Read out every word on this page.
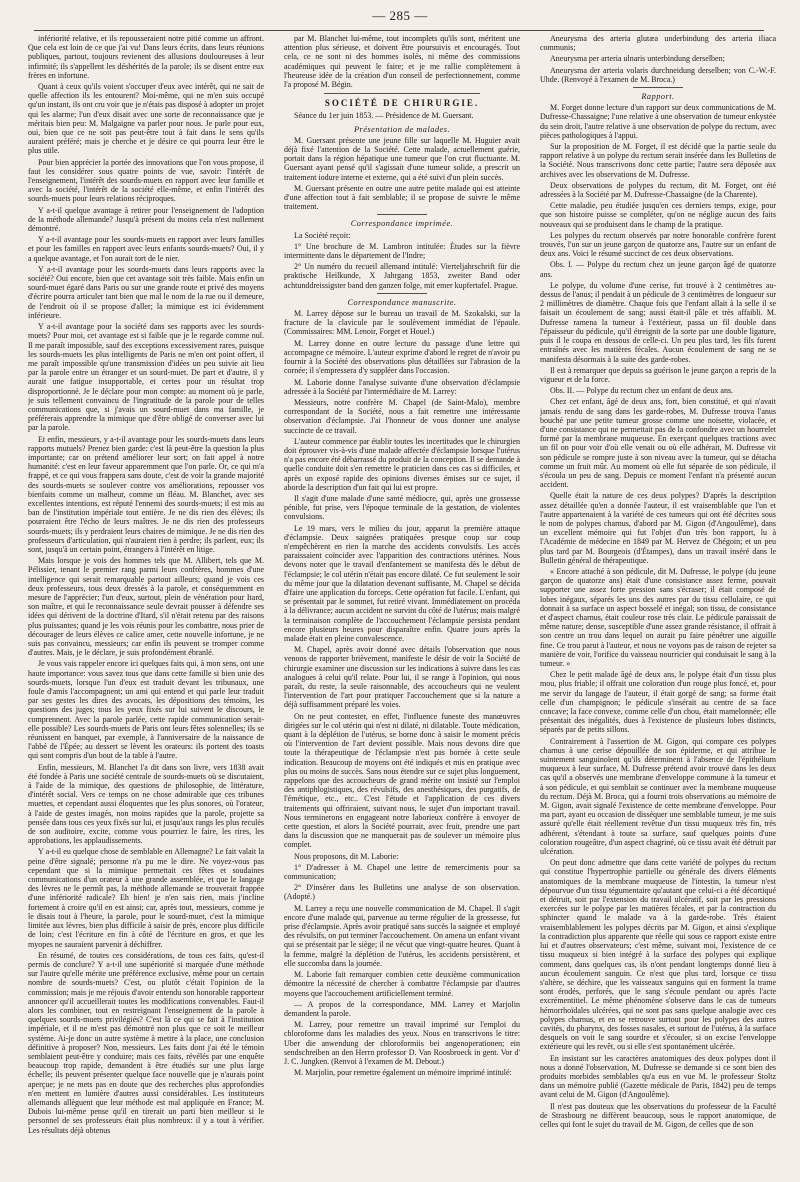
— 285 —

infériorité relative, et ils repousseraient notre pitié comme un affront. Que cela est loin de ce que j'ai vu! Dans leurs écrits, dans leurs réunions publiques, partout, toujours revienent des allusions douloureuses à leur infirmité; ils s'appellent les déshérités de la parole; ils se disent entre eux frères en infortune.

Quant à ceux qu'ils voient s'occuper d'eux avec intérêt, qui ne sait de quelle affection ils les entourent? Moi-même, qui ne m'en suis occupé qu'un instant, ils ont cru voir que je n'étais pas disposé à adopter un projet qui les alarme; l'un d'eux disait avec une sorte de reconnaissance que je méritais bien peu: M. Malgaigne va parler pour nous. Je parle pour eux, oui, bien que ce ne soit pas peut-être tout à fait dans le sens qu'ils auraient préféré; mais je cherche et je désire ce qui pourra leur être le plus utile.

Pour bien apprécier la portée des innovations que l'on vous propose, il faut les considérer sous quatre points de vue, savoir: l'intérêt de l'enseignement, l'intérêt des sourds-muets en rapport avec leur famille et avec la société, l'intérêt de la société elle-même, et enfin l'intérêt des sourds-muets pour leurs relations réciproques.

Y a-t-il quelque avantage à retirer pour l'enseignement de l'adoption de la méthode allemande? Jusqu'à présent du moins cela n'est nullement démontré.

Y a-t-il avantage pour les sourds-muets en rapport avec leurs familles et pour les familles en rapport avec leurs enfants sourds-muets? Oui, il y a quelque avantage, et l'on aurait tort de le nier.

Y a-t-il avantage pour les sourds-muets dans leurs rapports avec la société? Oui encore, bien que cet avantage soit très faible. Mais enfin un sourd-muet égaré dans Paris ou sur une grande route et privé des moyens d'écrire pourra articuler tant bien que mal le nom de la rue ou il demeure, de l'endroit où il se propose d'aller; la mimique est ici évidemment inférieure.

Y a-t-il avantage pour la société dans ses rapports avec les sourds-muets? Pour moi, cet avantage est si faible que je le regarde comme nul. Il me paraît impossible, sauf des exceptions excessivement rares, puisque les sourds-muets les plus intelligents de Paris ne m'en ont point offert, il me paraît impossible qu'une transmission d'idées un peu suivie ait lieu par la parole entre un étranger et un sourd-muet. De part et d'autre, il y aurait une fatigue insupportable, et certes pour un résultat trop disproportionné. Je le déclare pour mon compte: au moment où je parle, je suis tellement convaincu de l'ingratitude de la parole pour de telles communications que, si j'avais un sourd-muet dans ma famille, je préférerais apprendre la mimique que d'être obligé de converser avec lui par la parole.

Et enfin, messieurs, y a-t-il avantage pour les sourds-muets dans leurs rapports mutuels? Prenez bien garde: c'est là peut-être la question la plus importante; car on prétend améliorer leur sort; on fait appel à notre humanité: c'est en leur faveur apparemment que l'on parle. Or, ce qui m'a frappé, et ce qui vous frappera sans doute, c'est de voir la grande majorité des sourds-muets se soulever contre vos améliorations, repousser vos bienfaits comme un malheur, comme un fléau. M. Blanchet, avec ses excellentes intentions, est réputé l'ennemi des sourds-muets; il est mis au ban de l'institution impériale tout entière. Je ne dis rien des élèves; ils pourraient être l'écho de leurs maîtres. Je ne dis rien des professeurs sourds-muets; ils y perdraient leurs chaires de mimique. Je ne dis rien des professeurs d'articulation, qui n'auraient rien à perdre; ils parlent, eux; ils sont, jusqu'à un certain point, étrangers à l'intérêt en litige.

Mais lorsque je vois des hommes tels que M. Allibert, tels que M. Pélissier, tenant le premier rang parmi leurs confrères, hommes d'une intelligence qui serait remarquable partout ailleurs; quand je vois ces deux professeurs, tous deux dressés à la parole, et conséquemment en mesure de l'apprécier; l'un d'eux, surtout, plein de vénération pour Itard, son maître, et qui le reconnaissance seule devrait pousser à défendre ses idées qui dérivent de la doctrine d'Itard, s'il n'était retenu par des raisons plus puissantes; quand je les vois réunis pour les combattre, nous prier de décourager de leurs élèves ce calice amer, cette nouvelle infortune, je ne suis pas convaincu, messieurs; car enfin ils peuvent se tromper comme d'autres. Mais, je le déclare, je suis profondément ébranlé.

Je vous vais rappeler encore ici quelques faits qui, à mon sens, ont une haute importance: vous savez tous que dans cette famille si bien unie des sourds-muets, lorsque l'un d'eux est traduit devant les tribunaux, une foule d'amis l'accompagnent; un ami qui entend et qui parle leur traduit par ses gestes les dires des avocats, les dépositions des témoins, les questions des juges; tous les yeux fixés sur lui suivent le discours, le comprennent. Avec la parole parlée, cette rapide communication serait-elle possible? Les sourds-muets de Paris ont leurs fêtes solennelles; ils se réunissent en banquet, par exemple, à l'anniversaire de la naissance de l'abbé de l'Épée; au dessert se lèvent les orateurs: ils portent des toasts qui sont compris d'un bout de la table à l'autre.

Enfin, messieurs, M. Blanchet l'a dit dans son livre, vers 1838 avait été fondée à Paris une société centrale de sourds-muets où se discutaient, à l'aide de la mimique, des questions de philosophie, de littérature, d'intérêt social. Vers ce temps on ne chose admirable que ces tribunes muettes, et cependant aussi éloquentes que les plus sonores, où l'orateur, à l'aide de gestes imagés, non moins rapides que la parole, projette sa pensée dans tous ces yeux fixés sur lui, et jusqu'aux rangs les plus reculés de son auditoire, excite, comme vous pourriez le faire, les rires, les approbations, les applaudissements.

Y a-t-il eu quelque chose de semblable en Allemagne? Le fait valait la peine d'être signalé; personne n'a pu me le dire. Ne voyez-vous pas cependant que si la mimique permettait ces fêtes et soudaines communications d'un orateur à une grande assemblée, et que le langage des lèvres ne le permît pas, la méthode allemande se trouverait frappée d'une infériorité radicale? Eh bien! je n'en sais rien, mais j'incline fortement à croire qu'il en est ainsi; car, après tout, messieurs, comme je le disais tout à l'heure, la parole, pour le sourd-muet, c'est la mimique limitée aux lèvres, bien plus difficile à saisir de près, encore plus difficile de loin; c'est l'écriture en fin à côté de l'écriture en gros, et que les myopes ne sauraient parvenir à déchiffrer.

En résumé, de toutes ces considérations, de tous ces faits, qu'est-il permis de conclure? Y a-t-il une supériorité si marquée d'une méthode sur l'autre qu'elle mérite une préférence exclusive, même pour un certain nombre de sourds-muets? C'est, ou plutôt c'était l'opinion de la commission; mais je me réjouis d'avoir entendu son honorable rapporteur annoncer qu'il accueillerait toutes les modifications convenables. Faut-il alors les combiner, tout en restreignant l'enseignement de la parole à quelques sourds-muets privilégiés? C'est là ce qui se fait à l'institution impériale, et il ne m'est pas démontré non plus que ce soit le meilleur système. Ai-je donc un autre système à mettre à la place, une conclusion définitive à proposer? Non, messieurs. Les faits dont j'ai été le témoin semblaient peut-être y conduire; mais ces faits, révélés par une enquête beaucoup trop rapide, demandent à être étudiés sur une plus large échelle; ils peuvent présenter quelque face nouvelle que je n'aurais point aperçue; je ne mets pas en doute que des recherches plus approfondies n'en mettent en lumière d'autres aussi considérables. Les instituteurs allemands allèguent que leur méthode est mal appliquée en France; M. Dubois lui-même pense qu'il en tirerait un parti bien meilleur si le personnel de ses professeurs était plus nombreux: il y a tout à vérifier. Les résultats déjà obtenus

par M. Blanchet lui-même, tout incomplets qu'ils sont, méritent une attention plus sérieuse, et doivent être poursuivis et encouragés. Tout cela, ce ne sont ni des hommes isolés, ni même des commissions académiques qui peuvent le faire; et je me rallie complètement à l'heureuse idée de la création d'un conseil de perfectionnement, comme l'a proposé M. Bégin.

SOCIÉTÉ DE CHIRURGIE.

Séance du 1er juin 1853. — Présidence de M. Guersant.

Présentation de malades.

M. Guersant présente une jeune fille sur laquelle M. Huguier avait déjà fixé l'attention de la Société. Cette malade, actuellement guérie, portait dans la région hépatique une tumeur que l'on crut fluctuante. M. Guersant ayant pensé qu'il s'agissait d'une tumeur solide, a prescrit un traitement iodure interne et externe, qui a été suivi d'un plein succès.

M. Guersant présente en outre une autre petite malade qui est atteinte d'une affection tout à fait semblable; il se propose de suivre le même traitement.

Correspondance imprimée.

La Société reçoit:

1° Une brochure de M. Lambron intitulée: Études sur la fièvre intermittente dans le département de l'Indre;

2° Un numéro du recueil allemand intitulé: Vierteljahrschrift für die praktische Heilkunde, X Jahrgang 1853, zweiter Band oder achtunddreissigster band den ganzen folge, mit emer kupfertafel. Prague.

Correspondance manuscrite.

M. Larrey dépose sur le bureau un travail de M. Szokalski, sur la fracture de la clavicule par le soulèvement immédiat de l'épaule. (Commissaires: MM. Lenoir, Forget et Houel.)

M. Larrey donne en outre lecture du passage d'une lettre qui accompagne ce mémoire. L'auteur exprime d'abord le regret de n'avoir pu fournir à la Société des observations plus détaillées sur l'abrasion de la cornée; il s'empressera d'y suppléer dans l'occasion.

M. Laborie donne l'analyse suivante d'une observation d'éclampsie adressée à la Société par l'intermédiaire de M. Larrey:

Messieurs, notre confrère M. Chapel (de Saint-Malo), membre correspondant de la Société, nous a fait remettre une intéressante observation d'éclampsie. J'ai l'honneur de vous donner une analyse succincte de ce travail.

L'auteur commence par établir toutes les incertitudes que le chirurgien doit éprouver vis-à-vis d'une malade affectée d'éclampsie lorsque l'utérus n'a pas encore été débarrassé du produit de la conception. Il se demande à quelle conduite doit s'en remettre le praticien dans ces cas si difficiles, et après un exposé rapide des opinions diverses émises sur ce sujet, il aborde la description d'un fait qui lui est propre.

Il s'agit d'une malade d'une santé médiocre, qui, après une grossesse pénible, fut prise, vers l'époque terminale de la gestation, de violentes convulsions.

Le 19 mars, vers le milieu du jour, apparut la première attaque d'éclampsie. Deux saignées pratiquées presque coup sur coup n'empêchèrent en rien la marche des accidents convulsifs. Les accès paraissaient coïncider avec l'apparition des contractions utérines. Nous devons noter que le travail d'enfantement se manifesta dès le début de l'éclampsie; le col utérin n'était pas encore dilaté. Ce fut seulement le soir du même jour que la dilatation devenant suffisante, M. Chapel se décida d'faire une application du forceps. Cette opération fut facile. L'enfant, qui se présentait par le sommet, fut retiré vivant. Immédiatement on procéda à la délivrance; aucun accident ne survint du côté de l'utérus; mais malgré la terminaison complète de l'accouchement l'éclampsie persista pendant encore plusieurs heures pour disparaître enfin. Quatre jours après la malade était en pleine convalescence.

M. Chapel, après avoir donné avec détails l'observation que nous venons de rapporter brièvement, manifeste le désir de voir la Société de chirurgie examiner une discussion sur les indications à suivre dans les cas analogues à celui qu'il relate. Pour lui, il se range à l'opinion, qui nous paraît, du reste, la seule raisonnable, des accoucheurs qui ne veulent l'intervention de l'art pour pratiquer l'accouchement que si la nature a déjà suffisamment préparé les voies.

On ne peut contester, en effet, l'influence funeste des manœuvres dirigées sur le col utérin qui n'est ni dilaté, ni dilatable. Toute médication, quant à la déplétion de l'utérus, se borne donc à saisir le moment précis où l'intervention de l'art devient possible. Mais nous devons dire que toute la thérapeutique de l'éclampsie n'est pas bornée à cette seule indication. Beaucoup de moyens ont été indiqués et mis en pratique avec plus ou moins de succès. Sans nous étendre sur ce sujet plus longuement, rappelons que des accoucheurs de grand mérite ont insisté sur l'emploi des antiphlogistiques, des révulsifs, des anesthésiques, des purgatifs, de l'émétique, etc., etc.. C'est l'étude et l'application de ces divers traitements qui offriraient, suivant nous, le sujet d'un important travail. Nous terminerons en engageant notre laborieux confrère à envoyer de cette question, et alors la Société pourrait, avec fruit, prendre une part dans la discussion que ne manquerait pas de soulever un mémoire plus complet.

Nous proposons, dit M. Laborie:

1° D'adresser à M. Chapel une lettre de remerciments pour sa communication;

2° D'insérer dans les Bulletins une analyse de son observation. (Adopté.)

M. Larrey a reçu une nouvelle communication de M. Chapel. Il s'agit encore d'une malade qui, parvenue au terme régulier de la grossesse, fut prise d'éclampsie. Après avoir pratiqué sans succès la saignée et employé des révulsifs, on put terminer l'accouchement. On amena un enfant vivant qui se présentait par le siège; il ne vécut que vingt-quatre heures. Quant à la femme, malgré la déplétion de l'utérus, les accidents persistèrent, et elle succomba dans la journée.

M. Laborie fait remarquer combien cette deuxième communication démontre la nécessité de chercher à combattre l'éclampsie par d'autres moyens que l'accouchement artificiellement terminé.

— A propos de la correspondance, MM. Larrey et Marjolin demandent la parole.

M. Larrey, pour remettre un travail imprimé sur l'emploi du chloroforme dans les maladies des yeux. Nous en transcrivons le titre: Uber die anwendung der chloroformiis bei angenoperationen; ein sendschreiben an den Herrn professor D. Van Roosbroeck in gent. Vor d' J. C. Jungken. (Renvoi à l'examen de M. Debout.)

M. Marjolin, pour remettre également un mémoire imprimé intitulé:

Aneurysma des arteria glutæa underbindung des arteria iliaca communis;

Aneurysma per arteria ulnaris unterbindung derselben;

Aneurysma der arteria volaris durchneidung derselben; von C.-W.-F. Uhde. (Renvoyé à l'examen de M. Broca.)

Rapport.

M. Forget donne lecture d'un rapport sur deux communications de M. Dufresse-Chassaigne; l'une relative à une observation de tumeur enkystée du sein droit, l'autre relative à une observation de polype du rectum, avec pièces pathologiques à l'appui.

Sur la proposition de M. Forget, il est décidé que la partie seule du rapport relative à un polype du rectum serait insérée dans les Bulletins de la Société. Nous transcrivons donc cette partie; l'autre sera déposée aux archives avec les observations de M. Dufresse.

Deux observations de polypes du rectum, dit M. Forget, ont été adressées à la Société par M. Dufresse-Chassaigne (de la Charente).

Cette maladie, peu étudiée jusqu'en ces derniers temps, exige, pour que son histoire puisse se compléter, qu'on ne néglige aucun des faits nouveaux qui se produisent dans le champ de la pratique.

Les polypes du rectum observés par notre honorable confrère furent trouvés, l'un sur un jeune garçon de quatorze ans, l'autre sur un enfant de deux ans. Voici le résumé succinct de ces deux observations.

Obs. I. — Polype du rectum chez un jeune garçon âgé de quatorze ans.

Le polype, du volume d'une cerise, fut trouvé à 2 centimètres au-dessus de l'anus; il pendait à un pédicule de 3 centimètres de longueur sur 2 millimètres de diamètre. Chaque fois que l'enfant allait à la selle il se faisait un écoulement de sang; aussi était-il pâle et très affaibli. M. Dufresse ramena la tumeur à l'extérieur, passa un fil double dans l'épaisseur du pédicule, qu'il étreignit de la sorte par une double ligature, puis il le coupa en dessous de celle-ci. Un peu plus tard, les fils furent entraînés avec les matières fécales. Aucun écoulement de sang ne se manifesta désormais à la suite des garde-robes.

Il est à remarquer que depuis sa guérison le jeune garçon a repris de la vigueur et de la force.

Obs. II. — Polype du rectum chez un enfant de deux ans.

Chez cet enfant, âgé de deux ans, fort, bien constitué, et qui n'avait jamais rendu de sang dans les garde-robes, M. Dufresse trouva l'anus bouché par une petite tumeur grosse comme une noisette, violacée, et d'une consistance qui ne permettait pas de la confondre avec un hourrelet formé par la membrane muqueuse. En exerçant quelques tractions avec un fil on pour voir d'où elle venait ou où elle adhérait, M. Dufresse vit son pédicule se rompre juste à son niveau avec la tumeur, qui se détacha comme un fruit mûr. Au moment où elle fut séparée de son pédicule, il s'écoula un peu de sang. Depuis ce moment l'enfant n'a présenté aucun accident.

Quelle était la nature de ces deux polypes? D'après la description assez détaillée qu'en a donnée l'auteur, il est vraisemblable que l'un et l'autre appartenaient à la variété de ces tumeurs qui ont été décrites sous le nom de polypes charnus, d'abord par M. Gigon (d'Angoulême), dans un excellent mémoire qui fut l'objet d'un très bon rapport, lu à l'Académie de médecine en 1849 par M. Hervez de Chégoin; et un peu plus tard par M. Bourgeois (d'Étampes), dans un travail inséré dans le Bulletin général de thérapeutique.

« Encore attaché à son pédicule, dit M. Dufresse, le polype (du jeune garçon de quatorze ans) était d'une consistance assez ferme, pouvait supporter une assez forte pression sans s'écraser; il était composé de lobes inégaux, séparés les uns des autres par du tissu cellulaire, ce qui donnait à sa surface un aspect bosselé et inégal; son tissu, de consistance et d'aspect charnus, était couleur rose très clair. Le pédicule paraissait de même nature; dense, susceptible d'une assez grande résistance, il offrait à son centre un trou dans lequel on aurait pu faire pénétrer une aiguille fine. Ce trou parut à l'auteur, et nous ne voyons pas de raison de rejeter sa manière de voir, l'orifice du vaisseau nourricier qui conduisait le sang à la tumeur. »

Chez le petit malade âgé de deux ans, le polype était d'un tissu plus mou, plus friable; il offrait une coloration d'un rouge plus foncé, et, pour me servir du langage de l'auteur, il était gorgé de sang; sa forme était celle d'un champignon; le pédicule s'insérait au centre de sa face concave; la face convexe, comme celle d'un chou, était mamelonnée; elle présentait des inégalités, dues à l'existence de plusieurs lobes distincts, séparés par de petits sillons.

Contrairement à l'assertion de M. Gigon, qui compare ces polypes charnus à une cerise dépouillée de son épiderme, et qui attribue le suintement sanguinolent qu'ils déterminent à l'absence de l'épithélium muqueux à leur surface, M. Dufresse prétend avoir trouvé dans les deux cas qu'il a observés une membrane d'enveloppe commune à la tumeur et à son pédicule, et qui semblait se continuer avec la membrane muqueuse du rectum. Déjà M. Broca, qui a fourni trois observations au mémoire de M. Gigon, avait signalé l'existence de cette membrane d'enveloppe. Pour ma part, ayant eu occasion de disséquer une semblable tumeur, je me suis assuré qu'elle était réellement revêtue d'un tissu muqueux très fin, très adhérent, s'étendant à toute sa surface, sauf quelques points d'une coloration rougeâtre, d'un aspect chagriné, où ce tissu avait été détruit par ulcération.

On peut donc admettre que dans cette variété de polypes du rectum qui constitue l'hypertrophie partielle ou générale des divers éléments anatomiques de la membrane muqueuse de l'intestin, la tumeur n'est dépourvue d'un tissu tégumentaire qu'autant que celui-ci a été décortiqué et détruit, soit par l'extension du travail ulcératif, soit par les pressions exercées sur le polype par les matières fécales, et par la contraction du sphincter quand le malade va à la garde-robe. Très étaient vraisemblablement les polypes décrits par M. Gigon, et ainsi s'explique la contradiction plus apparente que réelle qui sous ce rapport existe entre lui et d'autres observateurs; c'est même, suivant moi, l'existence de ce tissu muqueux si bien intégré à la surface des polypes qui explique comment, dans quelques cas, ils n'ont pendant longtemps donné lieu à aucun écoulement sanguin. Ce n'est que plus tard, lorsque ce tissu s'altère, se déchire, que les vaisseaux sanguins qui en forment la trame sont érodés, perforés, que le sang s'écoule pendant ou après l'acte excrémentitiel. Le même phénomène s'observe dans le cas de tumeurs hémorrhoïdales ulcérées, qui ne sont pas sans quelque analogie avec ces polypes charnus, et en se retrouve surtout pour les polypes des autres cavités, du pharynx, des fosses nasales, et surtout de l'utérus, à la surface desquels on voit le sang sourdre et s'écouler, si on excise l'enveloppe extérieure qui les revêt, ou si elle s'est spontanément ulcérée.

En insistant sur les caractères anatomiques des deux polypes dont il nous a donné l'observation, M. Dufresse se demande si ce sont bien des produits morbides semblables qu'a eus en vue M. le professeur Stoltz dans un mémoire publié (Gazette médicale de Paris, 1842) peu de temps avant celui de M. Gigon (d'Angoulême).

Il n'est pas douteux que les observations du professeur de la Faculté de Strasbourg ne diffèrent beaucoup, sous le rapport anatomique, de celles qui font le sujet du travail de M. Gigon, de celles que de son
